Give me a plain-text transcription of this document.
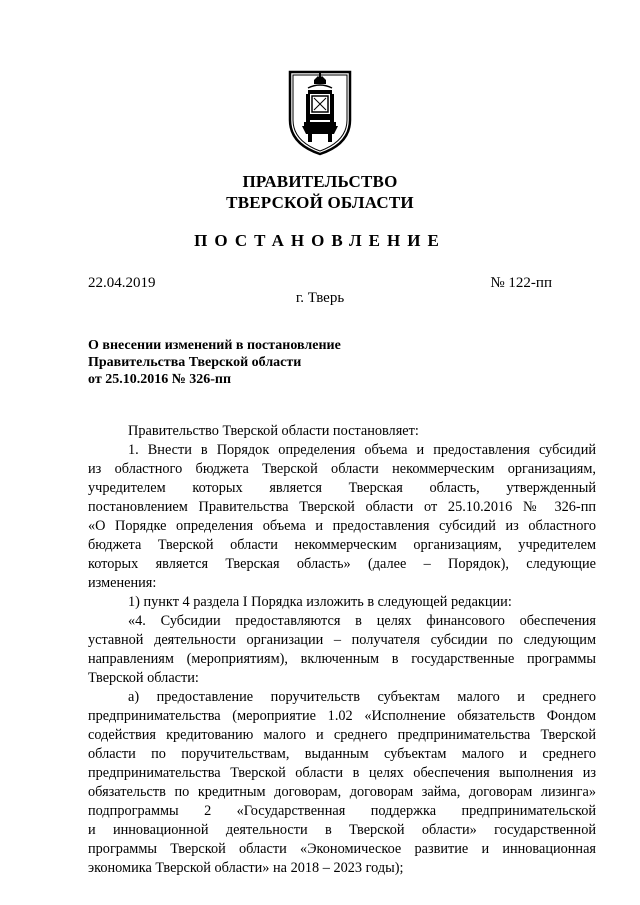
ПРАВИТЕЛЬСТВО
ТВЕРСКОЙ ОБЛАСТИ
ПОСТАНОВЛЕНИЕ
22.04.2019	№ 122-пп
г. Тверь
О внесении изменений в постановление
Правительства Тверской области
от 25.10.2016 № 326-пп
Правительство Тверской области постановляет:
1. Внести в Порядок определения объема и предоставления субсидий
из областного бюджета Тверской области некоммерческим организациям,
учредителем которых является Тверская область, утвержденный
постановлением Правительства Тверской области от 25.10.2016 № 326-пп
«О Порядке определения объема и предоставления субсидий из областного
бюджета Тверской области некоммерческим организациям, учредителем
которых является Тверская область» (далее – Порядок), следующие
изменения:
1) пункт 4 раздела I Порядка изложить в следующей редакции:
«4. Субсидии предоставляются в целях финансового обеспечения
уставной деятельности организации – получателя субсидии по следующим
направлениям (мероприятиям), включенным в государственные программы
Тверской области:
а) предоставление поручительств субъектам малого и среднего
предпринимательства (мероприятие 1.02 «Исполнение обязательств Фондом
содействия кредитованию малого и среднего предпринимательства Тверской
области по поручительствам, выданным субъектам малого и среднего
предпринимательства Тверской области в целях обеспечения выполнения из
обязательств по кредитным договорам, договорам займа, договорам лизинга»
подпрограммы 2 «Государственная поддержка предпринимательской
и инновационной деятельности в Тверской области» государственной
программы Тверской области «Экономическое развитие и инновационная
экономика Тверской области» на 2018 – 2023 годы);
